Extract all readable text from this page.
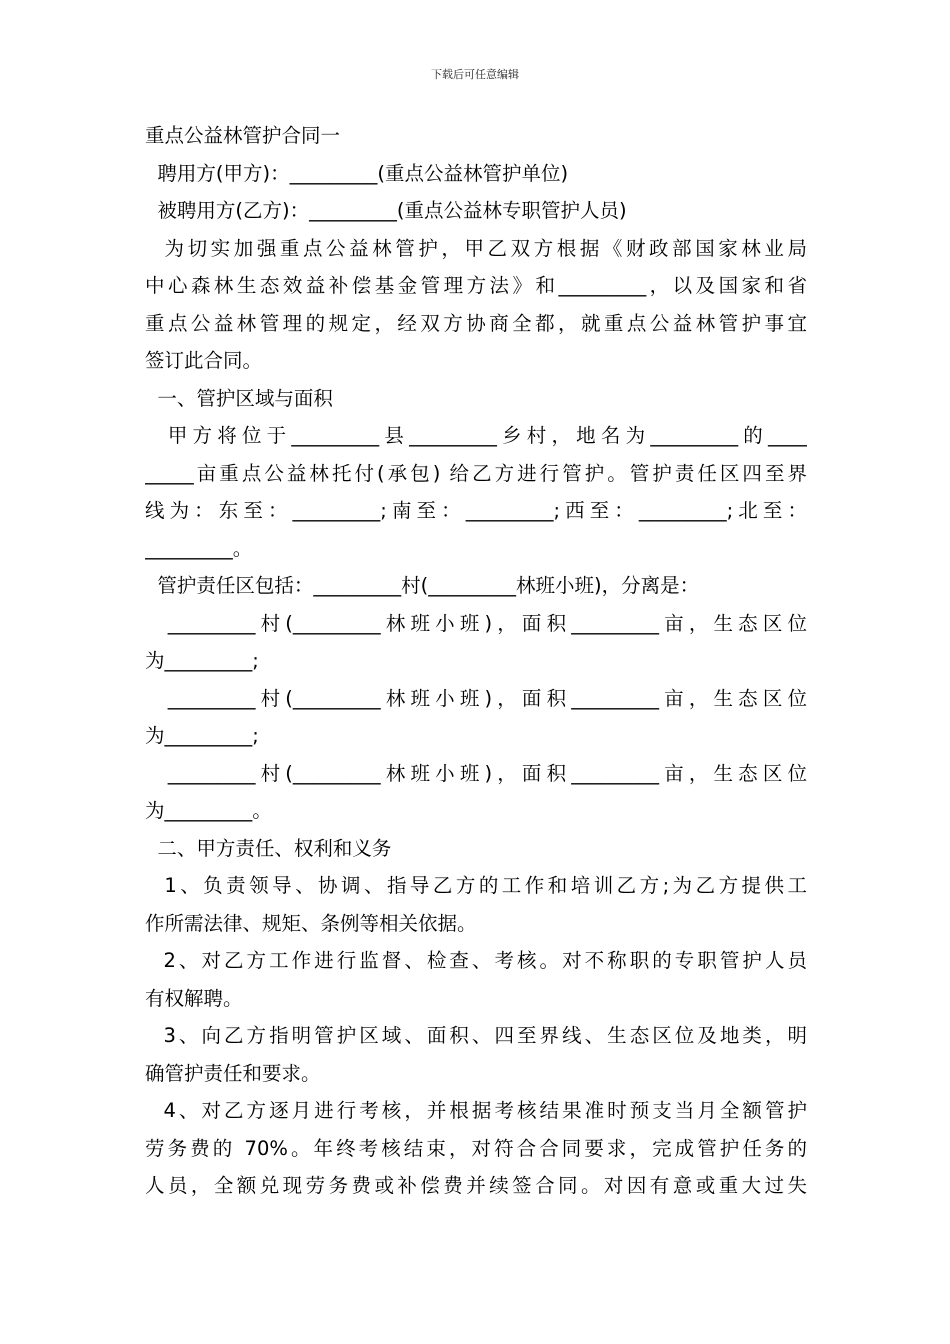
下载后可任意编辑
重点公益林管护合同一
聘用方(甲方)：_________(重点公益林管护单位)
被聘用方(乙方)：_________(重点公益林专职管护人员)
为切实加强重点公益林管护，甲乙双方根据《财政部国家林业局
中心森林生态效益补偿基金管理方法》和_________，以及国家和省
重点公益林管理的规定，经双方协商全都，就重点公益林管护事宜
签订此合同。
一、管护区域与面积
甲方将位于_________县_________乡村，地名为_________的____
_____亩重点公益林托付(承包) 给乙方进行管护。管护责任区四至界
线为：东至：_________;南至：_________;西至：_________;北至：
_________。
管护责任区包括：_________村(_________林班小班)，分离是：
_________村(_________林班小班)，面积_________亩，生态区位
为_________;
_________村(_________林班小班)，面积_________亩，生态区位
为_________;
_________村(_________林班小班)，面积_________亩，生态区位
为_________。
二、甲方责任、权利和义务
1、负责领导、协调、指导乙方的工作和培训乙方;为乙方提供工
作所需法律、规矩、条例等相关依据。
2、对乙方工作进行监督、检查、考核。对不称职的专职管护人员
有权解聘。
3、向乙方指明管护区域、面积、四至界线、生态区位及地类，明
确管护责任和要求。
4、对乙方逐月进行考核，并根据考核结果准时预支当月全额管护
劳务费的 70%。年终考核结束，对符合合同要求，完成管护任务的
人员，全额兑现劳务费或补偿费并续签合同。对因有意或重大过失
